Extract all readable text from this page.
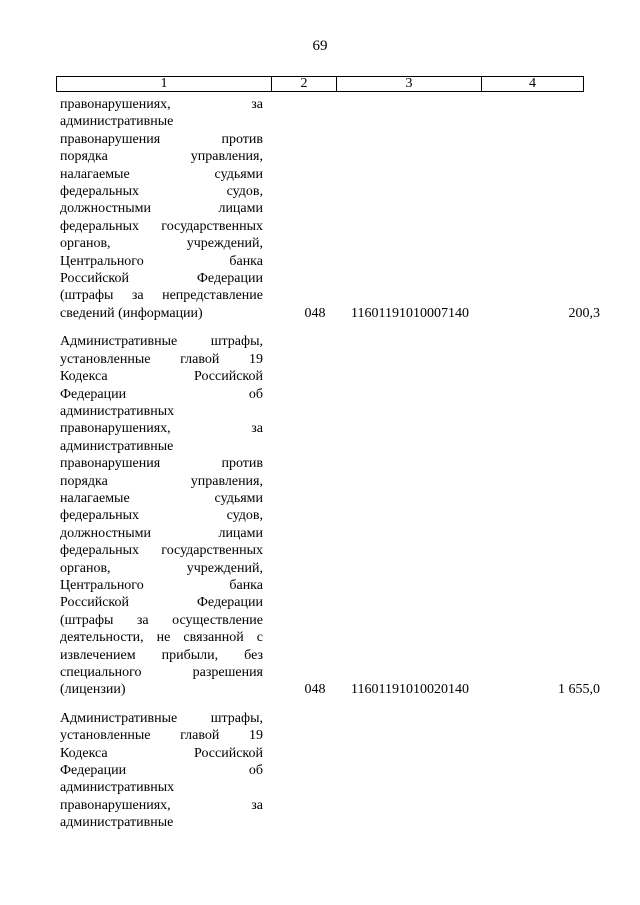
69
1	2	3	4
правонарушениях, за
административные
правонарушения против
порядка управления,
налагаемые судьями
федеральных судов,
должностными лицами
федеральных государственных
органов, учреждений,
Центрального банка
Российской Федерации
(штрафы за непредставление
сведений (информации)	048	11601191010007140	200,3
Административные штрафы,
установленные главой 19
Кодекса Российской
Федерации об
административных
правонарушениях, за
административные
правонарушения против
порядка управления,
налагаемые судьями
федеральных судов,
должностными лицами
федеральных государственных
органов, учреждений,
Центрального банка
Российской Федерации
(штрафы за осуществление
деятельности, не связанной с
извлечением прибыли, без
специального разрешения
(лицензии)	048	11601191010020140	1 655,0
Административные штрафы,
установленные главой 19
Кодекса Российской
Федерации об
административных
правонарушениях, за
административные
